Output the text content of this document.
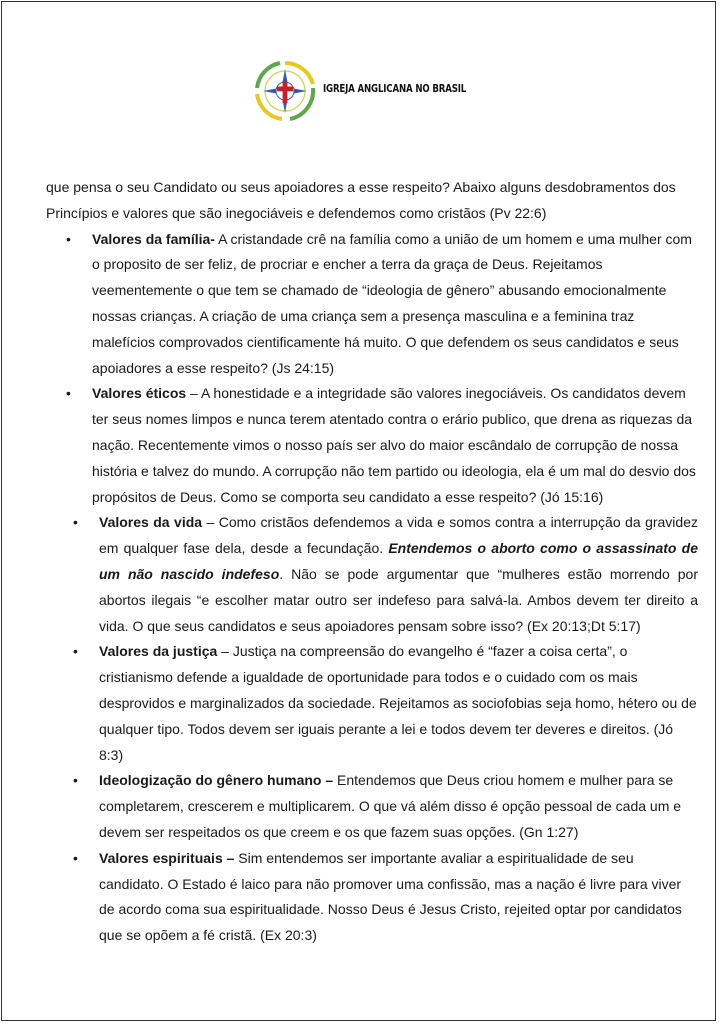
IGREJA ANGLICANA NO BRASIL

que pensa o seu Candidato ou seus apoiadores a esse respeito? Abaixo alguns desdobramentos dos Princípios e valores que são inegociáveis e defendemos como cristãos (Pv 22:6)

• Valores da família- A cristandade crê na família como a união de um homem e uma mulher com o proposito de ser feliz, de procriar e encher a terra da graça de Deus. Rejeitamos veementemente o que tem se chamado de “ideologia de gênero” abusando emocionalmente nossas crianças. A criação de uma criança sem a presença masculina e a feminina traz malefícios comprovados cientificamente há muito. O que defendem os seus candidatos e seus apoiadores a esse respeito? (Js 24:15)
• Valores éticos – A honestidade e a integridade são valores inegociáveis. Os candidatos devem ter seus nomes limpos e nunca terem atentado contra o erário publico, que drena as riquezas da nação. Recentemente vimos o nosso país ser alvo do maior escândalo de corrupção de nossa história e talvez do mundo. A corrupção não tem partido ou ideologia, ela é um mal do desvio dos propósitos de Deus. Como se comporta seu candidato a esse respeito? (Jó 15:16)
• Valores da vida – Como cristãos defendemos a vida e somos contra a interrupção da gravidez em qualquer fase dela, desde a fecundação. Entendemos o aborto como o assassinato de um não nascido indefeso. Não se pode argumentar que “mulheres estão morrendo por abortos ilegais “e escolher matar outro ser indefeso para salvá-la. Ambos devem ter direito a vida. O que seus candidatos e seus apoiadores pensam sobre isso? (Ex 20:13;Dt 5:17)
• Valores da justiça – Justiça na compreensão do evangelho é “fazer a coisa certa”, o cristianismo defende a igualdade de oportunidade para todos e o cuidado com os mais desprovidos e marginalizados da sociedade. Rejeitamos as sociofobias seja homo, hétero ou de qualquer tipo. Todos devem ser iguais perante a lei e todos devem ter deveres e direitos. (Jó 8:3)
• Ideologização do gênero humano – Entendemos que Deus criou homem e mulher para se completarem, crescerem e multiplicarem. O que vá além disso é opção pessoal de cada um e devem ser respeitados os que creem e os que fazem suas opções. (Gn 1:27)
• Valores espirituais – Sim entendemos ser importante avaliar a espiritualidade de seu candidato. O Estado é laico para não promover uma confissão, mas a nação é livre para viver de acordo coma sua espiritualidade. Nosso Deus é Jesus Cristo, rejeited optar por candidatos que se opõem a fé cristã. (Ex 20:3)
